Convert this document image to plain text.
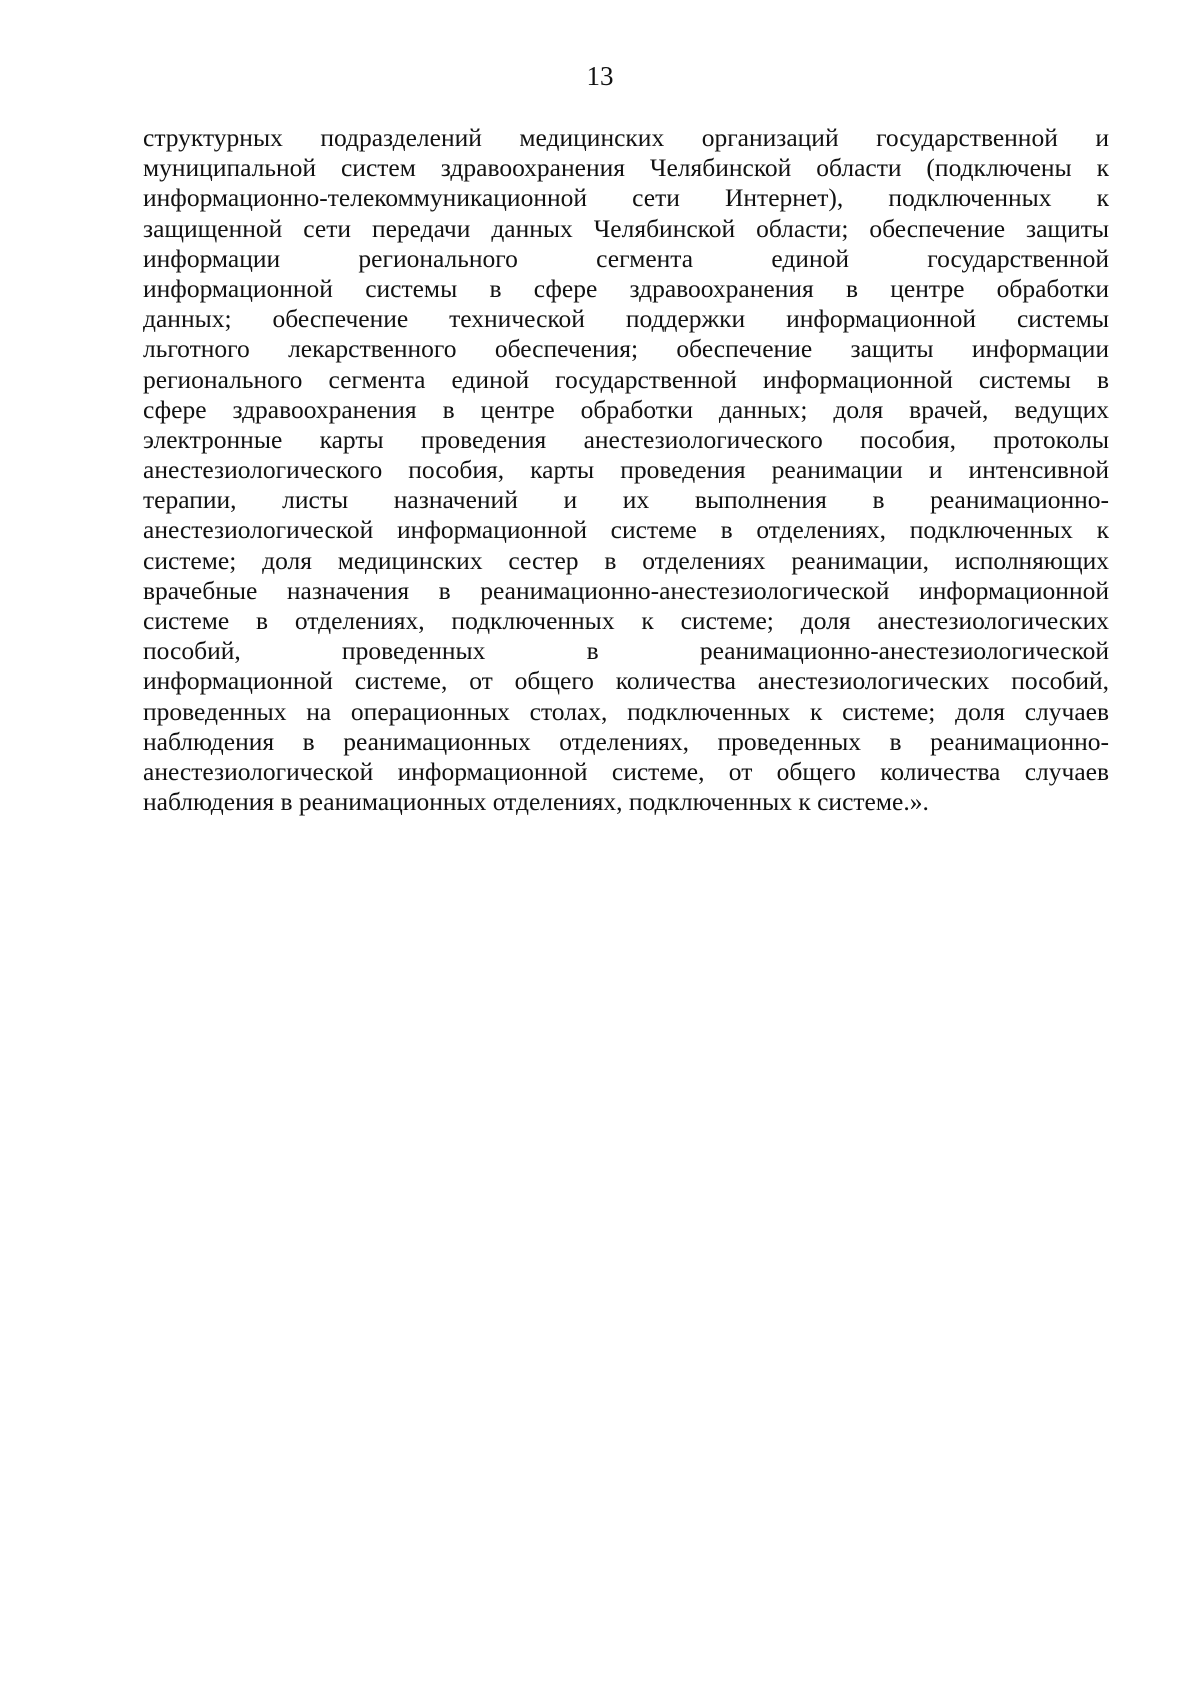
13
структурных подразделений медицинских организаций государственной и
муниципальной систем здравоохранения Челябинской области (подключены к
информационно-телекоммуникационной сети Интернет), подключенных к
защищенной сети передачи данных Челябинской области; обеспечение защиты
информации регионального сегмента единой государственной
информационной системы в сфере здравоохранения в центре обработки
данных; обеспечение технической поддержки информационной системы
льготного лекарственного обеспечения; обеспечение защиты информации
регионального сегмента единой государственной информационной системы в
сфере здравоохранения в центре обработки данных; доля врачей, ведущих
электронные карты проведения анестезиологического пособия, протоколы
анестезиологического пособия, карты проведения реанимации и интенсивной
терапии, листы назначений и их выполнения в реанимационно-
анестезиологической информационной системе в отделениях, подключенных к
системе; доля медицинских сестер в отделениях реанимации, исполняющих
врачебные назначения в реанимационно-анестезиологической информационной
системе в отделениях, подключенных к системе; доля анестезиологических
пособий, проведенных в реанимационно-анестезиологической
информационной системе, от общего количества анестезиологических пособий,
проведенных на операционных столах, подключенных к системе; доля случаев
наблюдения в реанимационных отделениях, проведенных в реанимационно-
анестезиологической информационной системе, от общего количества случаев
наблюдения в реанимационных отделениях, подключенных к системе.».
